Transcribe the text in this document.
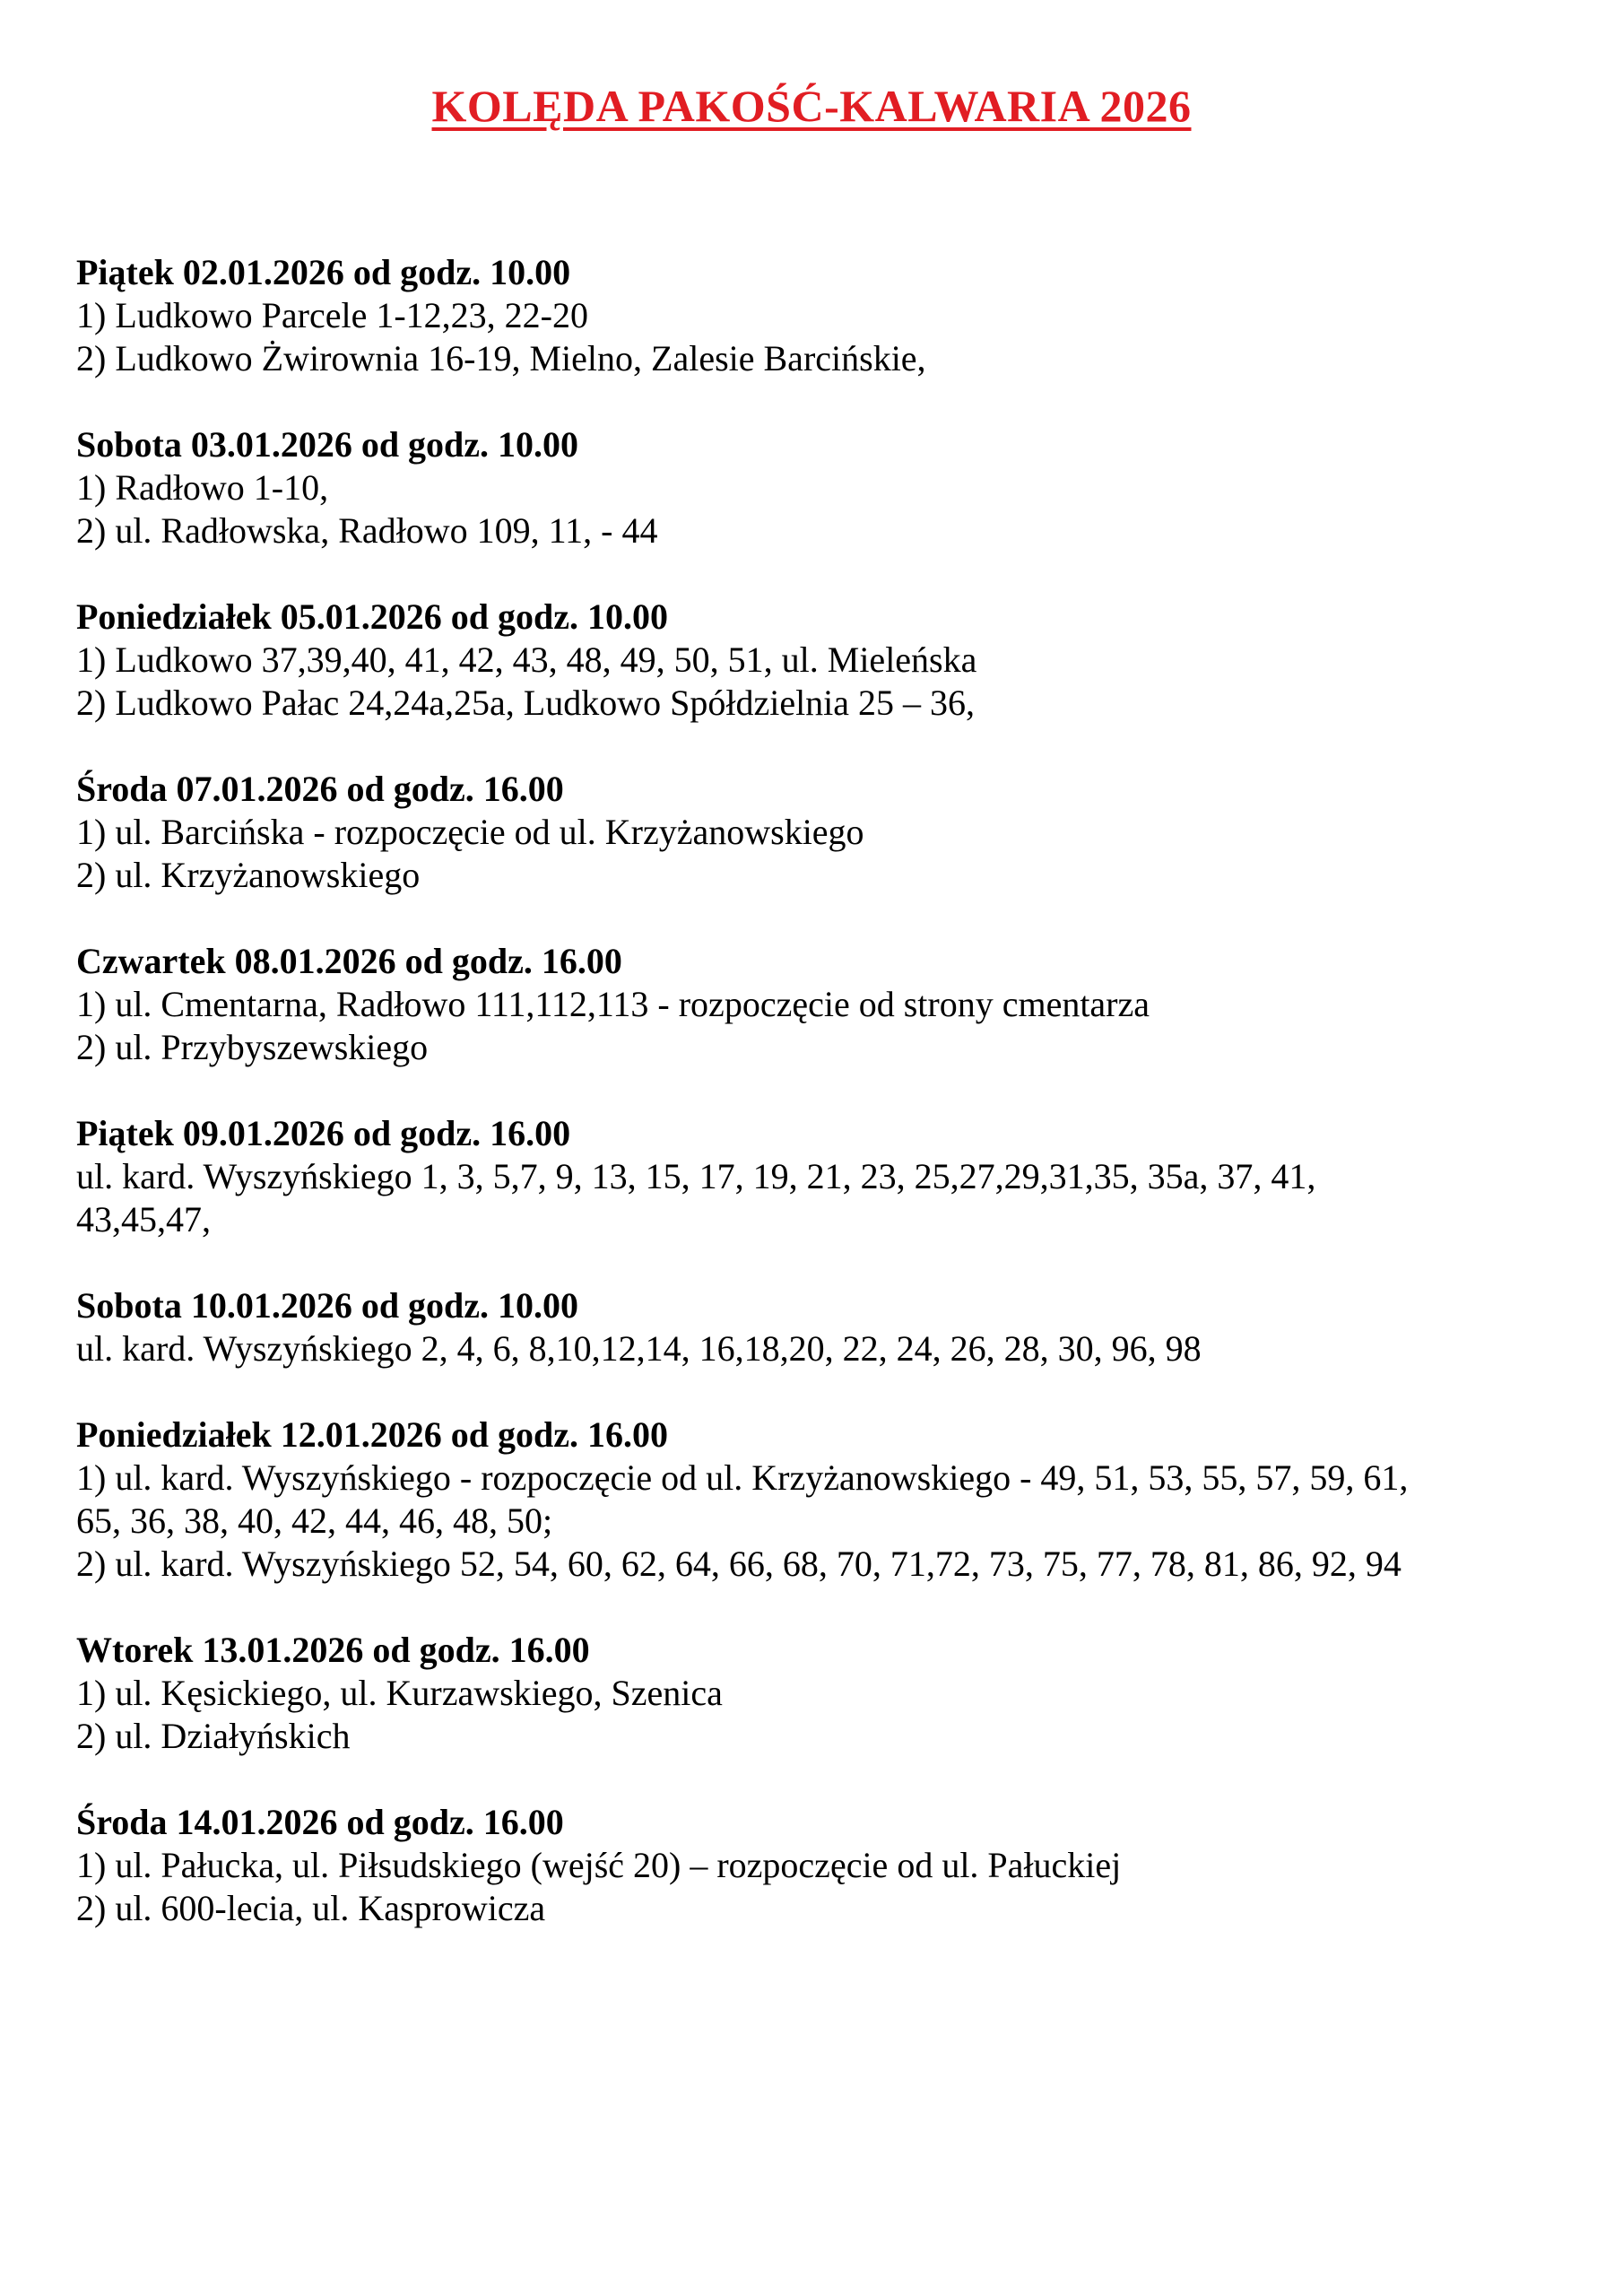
KOLĘDA PAKOŚĆ-KALWARIA 2026
Piątek 02.01.2026 od godz. 10.00

1) Ludkowo Parcele 1-12,23, 22-20

2) Ludkowo Żwirownia 16-19, Mielno, Zalesie Barcińskie,

Sobota 03.01.2026 od godz. 10.00

1) Radłowo 1-10,

2) ul. Radłowska, Radłowo 109, 11, - 44

Poniedziałek 05.01.2026 od godz. 10.00

1) Ludkowo 37,39,40, 41, 42, 43, 48, 49, 50, 51, ul. Mieleńska

2) Ludkowo Pałac 24,24a,25a, Ludkowo Spółdzielnia 25 – 36,

Środa 07.01.2026 od godz. 16.00

1) ul. Barcińska - rozpoczęcie od ul. Krzyżanowskiego

2) ul. Krzyżanowskiego

Czwartek 08.01.2026 od godz. 16.00

1) ul. Cmentarna, Radłowo 111,112,113 - rozpoczęcie od strony cmentarza

2) ul. Przybyszewskiego

Piątek 09.01.2026 od godz. 16.00

ul. kard. Wyszyńskiego 1, 3, 5,7, 9, 13, 15, 17, 19, 21, 23, 25,27,29,31,35, 35a, 37, 41,

43,45,47,

Sobota 10.01.2026 od godz. 10.00

ul. kard. Wyszyńskiego 2, 4, 6, 8,10,12,14, 16,18,20, 22, 24, 26, 28, 30, 96, 98

Poniedziałek 12.01.2026 od godz. 16.00

1) ul. kard. Wyszyńskiego - rozpoczęcie od ul. Krzyżanowskiego - 49, 51, 53, 55, 57, 59, 61,

65, 36, 38, 40, 42, 44, 46, 48, 50;

2) ul. kard. Wyszyńskiego 52, 54, 60, 62, 64, 66, 68, 70, 71,72, 73, 75, 77, 78, 81, 86, 92, 94

Wtorek 13.01.2026 od godz. 16.00

1) ul. Kęsickiego, ul. Kurzawskiego, Szenica

2) ul. Działyńskich

Środa 14.01.2026 od godz. 16.00

1) ul. Pałucka, ul. Piłsudskiego (wejść 20) – rozpoczęcie od ul. Pałuckiej

2) ul. 600-lecia, ul. Kasprowicza
